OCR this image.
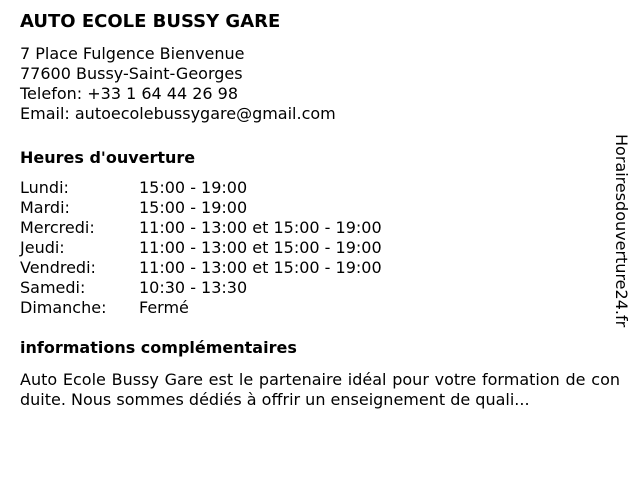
AUTO ECOLE BUSSY GARE
7 Place Fulgence Bienvenue
77600 Bussy-Saint-Georges
Telefon: +33 1 64 44 26 98
Email: autoecolebussygare@gmail.com
Heures d'ouverture
Lundi:	15:00 - 19:00
Mardi:	15:00 - 19:00
Mercredi:	11:00 - 13:00 et 15:00 - 19:00
Jeudi:	11:00 - 13:00 et 15:00 - 19:00
Vendredi:	11:00 - 13:00 et 15:00 - 19:00
Samedi:	10:30 - 13:30
Dimanche:	Fermé
informations complémentaires
Auto Ecole Bussy Gare est le partenaire idéal pour votre formation de conduite. Nous sommes dédiés à offrir un enseignement de quali...
Horairesdouverture24.fr
